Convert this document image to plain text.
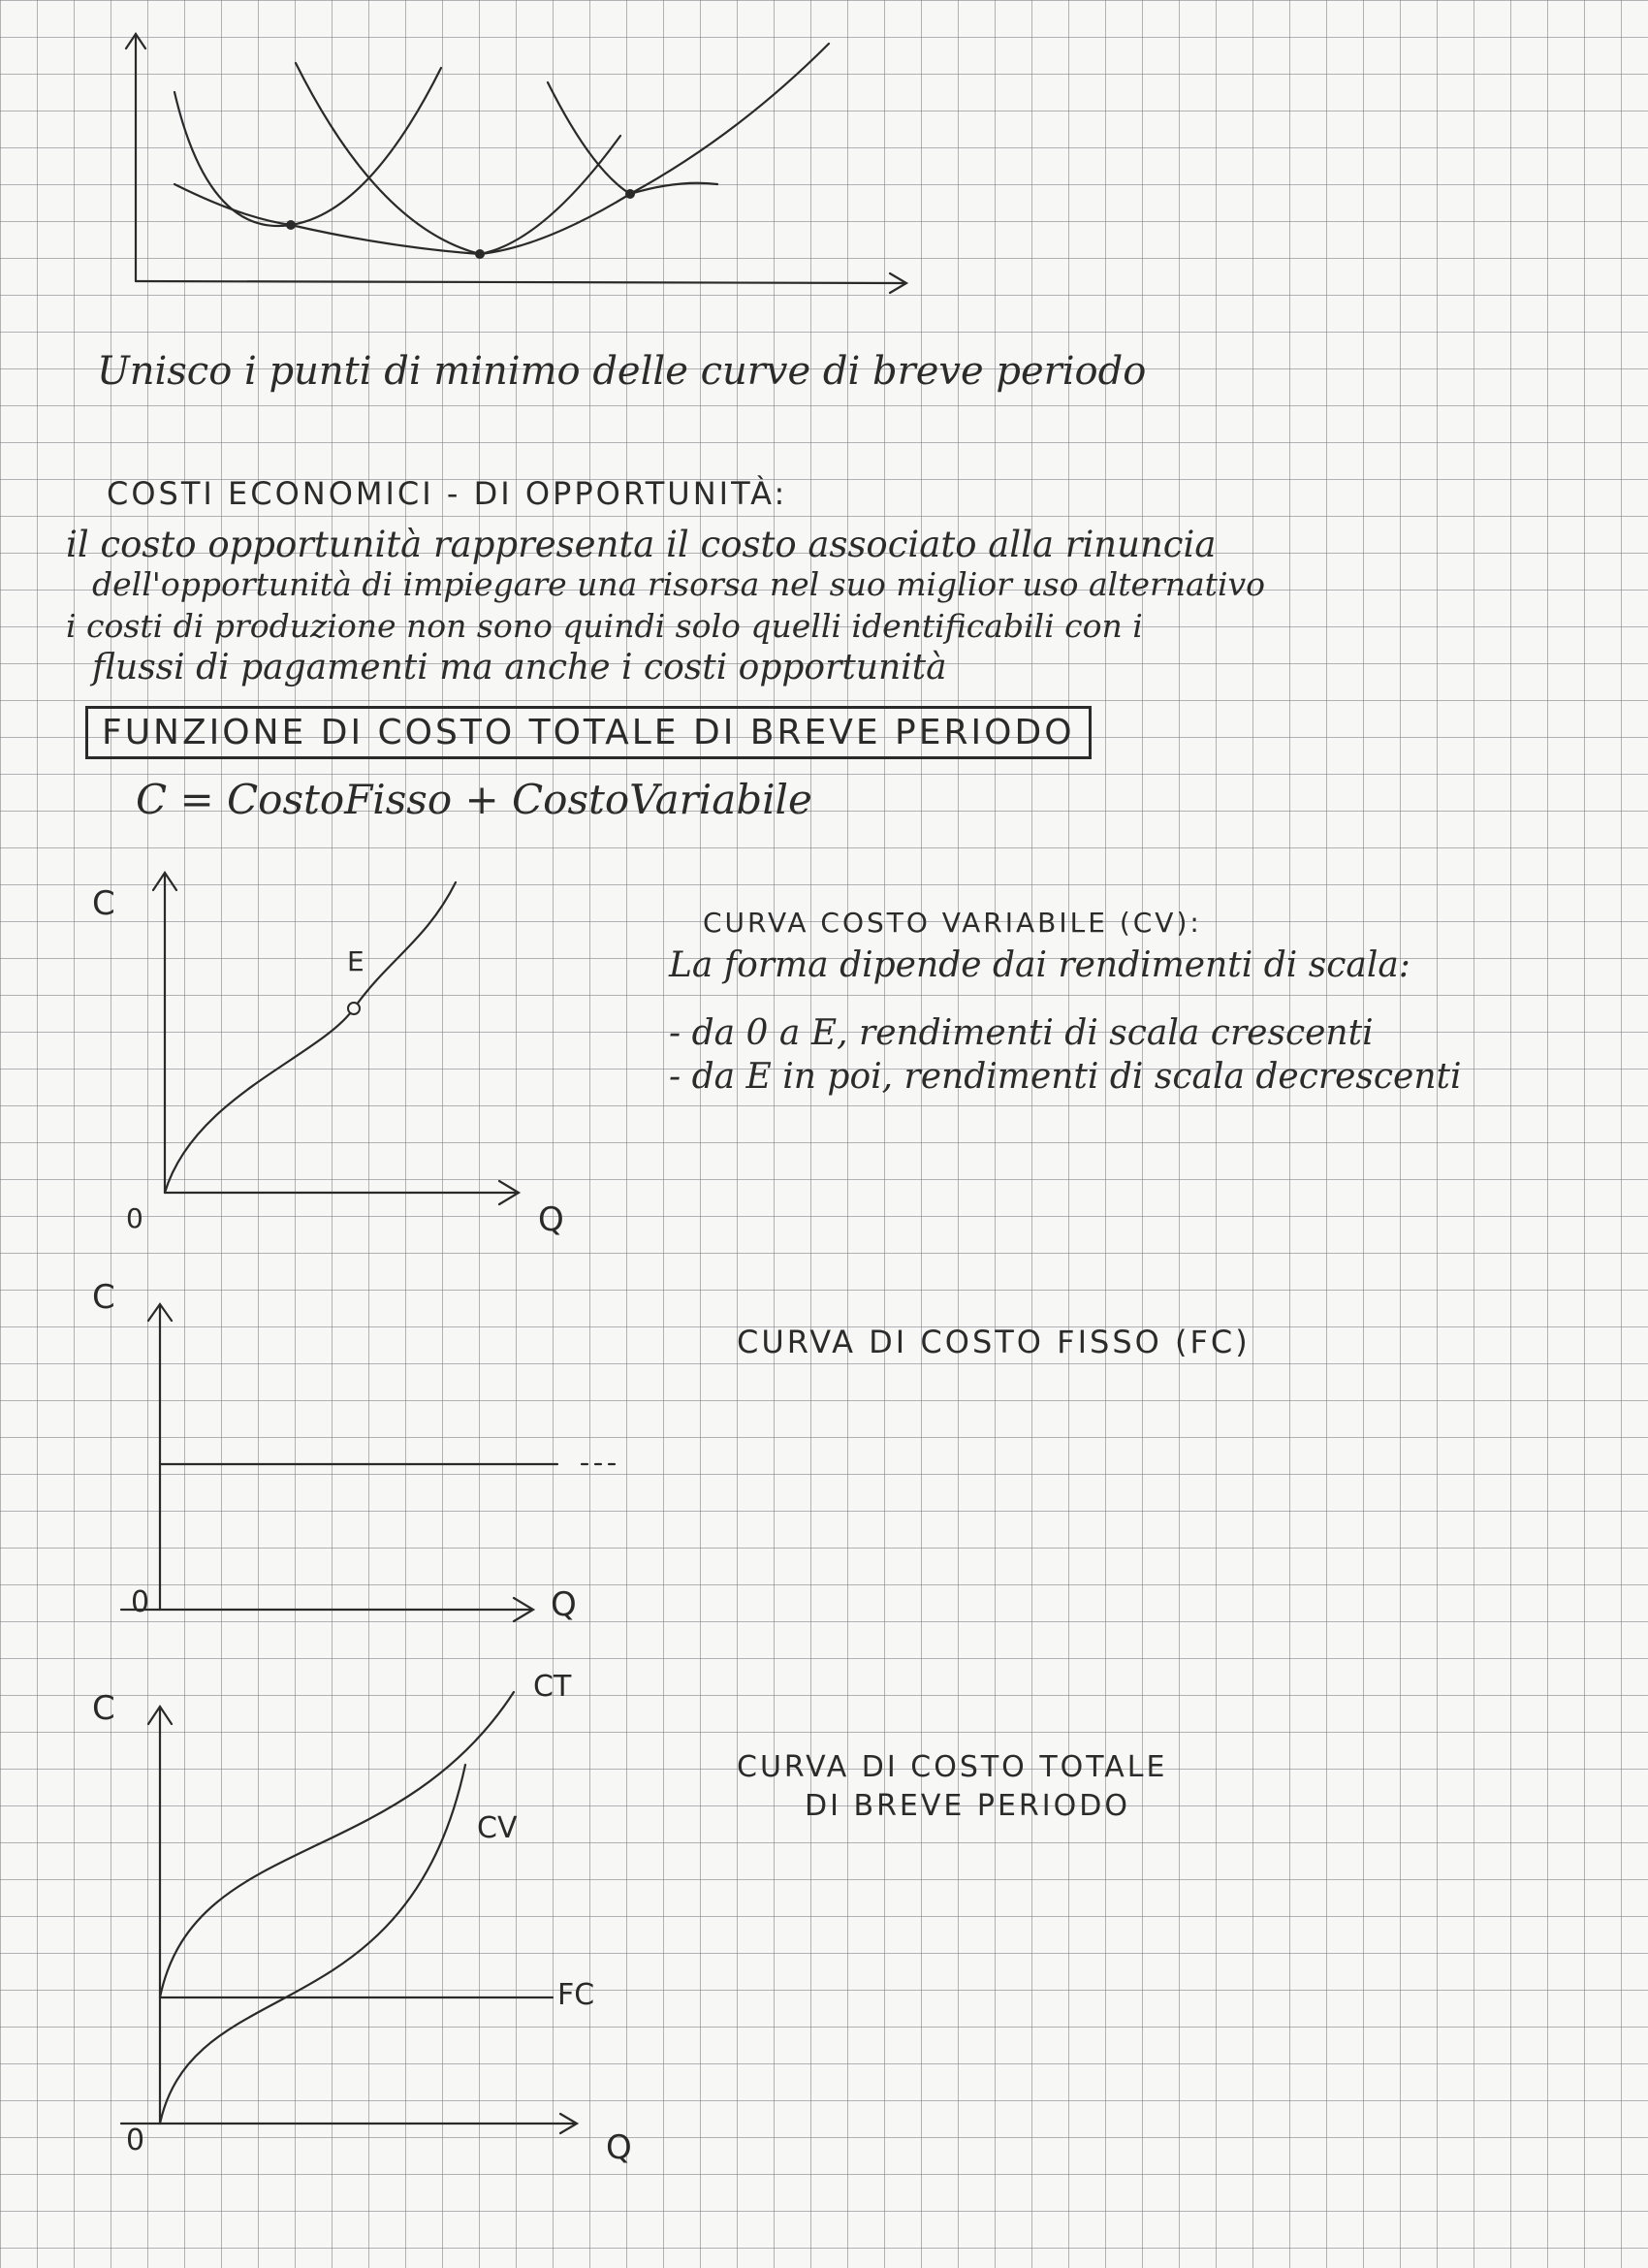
Unisco i punti di minimo delle curve di breve periodo
COSTI ECONOMICI - DI OPPORTUNITÀ:
il costo opportunità rappresenta il costo associato alla rinuncia
dell'opportunità di impiegare una risorsa nel suo miglior uso alternativo
i costi di produzione non sono quindi solo quelli identificabili con i
flussi di pagamenti ma anche i costi opportunità
FUNZIONE DI COSTO TOTALE DI BREVE PERIODO
C = CostoFisso + CostoVariabile
C
0	Q
E
CURVA COSTO VARIABILE (CV):
La forma dipende dai rendimenti di scala:
- da 0 a E, rendimenti di scala crescenti
- da E in poi, rendimenti di scala decrescenti
C
0	Q
CURVA DI COSTO FISSO (FC)
C
0	Q
CT
CV
FC
CURVA DI COSTO TOTALE
DI BREVE PERIODO
